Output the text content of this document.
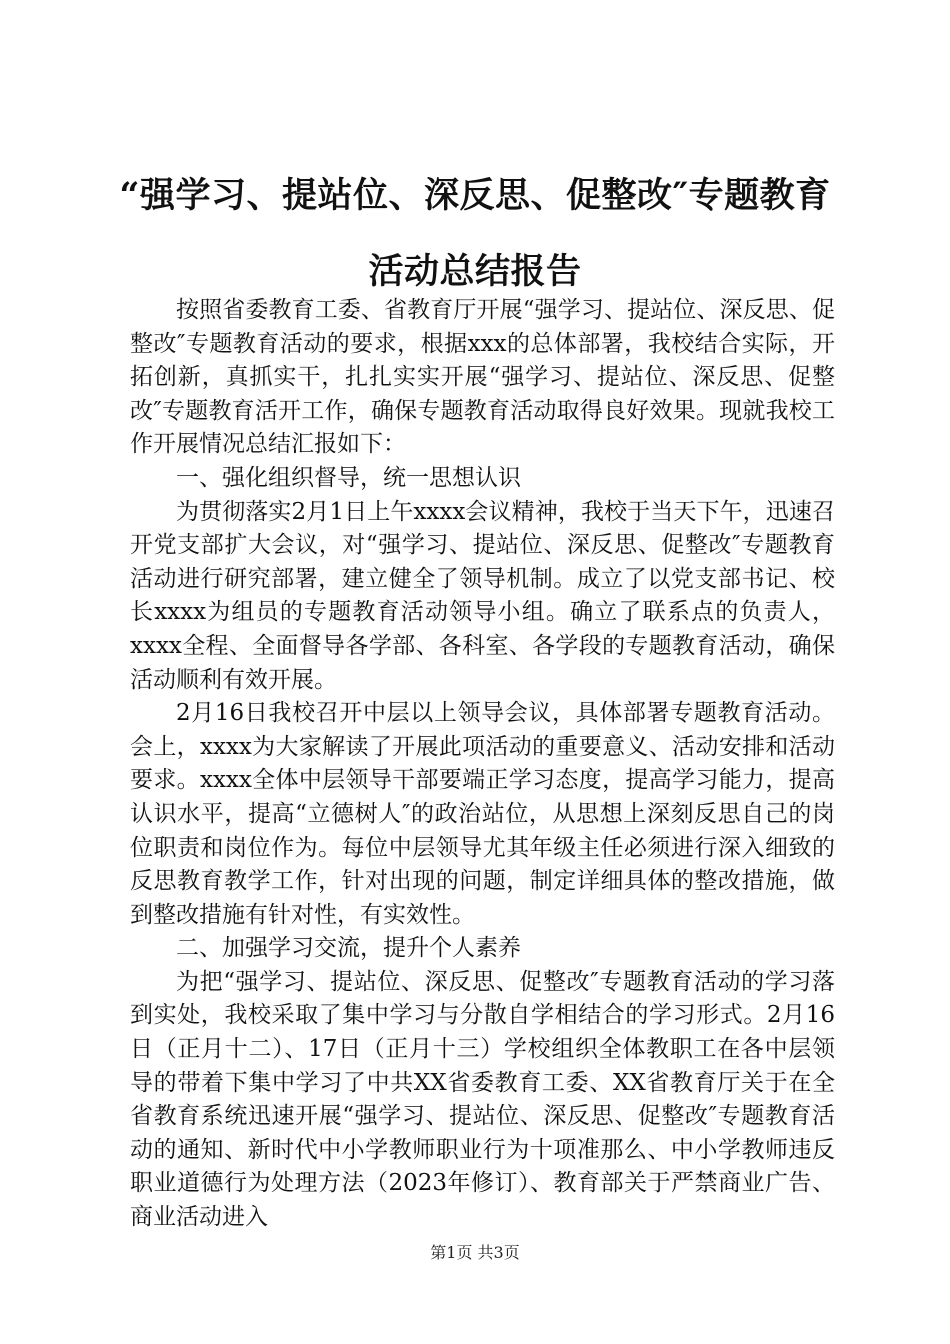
“强学习、提站位、深反思、促整改″专题教育活动总结报告

按照省委教育工委、省教育厅开展“强学习、提站位、深反思、促整改″专题教育活动的要求，根据xxx的总体部署，我校结合实际，开拓创新，真抓实干，扎扎实实开展“强学习、提站位、深反思、促整改″专题教育活开工作，确保专题教育活动取得良好效果。现就我校工作开展情况总结汇报如下：

一、强化组织督导，统一思想认识

为贯彻落实2月1日上午xxxx会议精神，我校于当天下午，迅速召开党支部扩大会议，对“强学习、提站位、深反思、促整改″专题教育活动进行研究部署，建立健全了领导机制。成立了以党支部书记、校长xxxx为组员的专题教育活动领导小组。确立了联系点的负责人，xxxx全程、全面督导各学部、各科室、各学段的专题教育活动，确保活动顺利有效开展。

2月16日我校召开中层以上领导会议，具体部署专题教育活动。会上，xxxx为大家解读了开展此项活动的重要意义、活动安排和活动要求。xxxx全体中层领导干部要端正学习态度，提高学习能力，提高认识水平，提高“立德树人″的政治站位，从思想上深刻反思自己的岗位职责和岗位作为。每位中层领导尤其年级主任必须进行深入细致的反思教育教学工作，针对出现的问题，制定详细具体的整改措施，做到整改措施有针对性，有实效性。

二、加强学习交流，提升个人素养

为把“强学习、提站位、深反思、促整改″专题教育活动的学习落到实处，我校采取了集中学习与分散自学相结合的学习形式。2月16日（正月十二）、17日（正月十三）学校组织全体教职工在各中层领导的带着下集中学习了中共XX省委教育工委、XX省教育厅关于在全省教育系统迅速开展“强学习、提站位、深反思、促整改″专题教育活动的通知、新时代中小学教师职业行为十项准那么、中小学教师违反职业道德行为处理方法（2023年修订）、教育部关于严禁商业广告、商业活动进入

第1页 共3页
